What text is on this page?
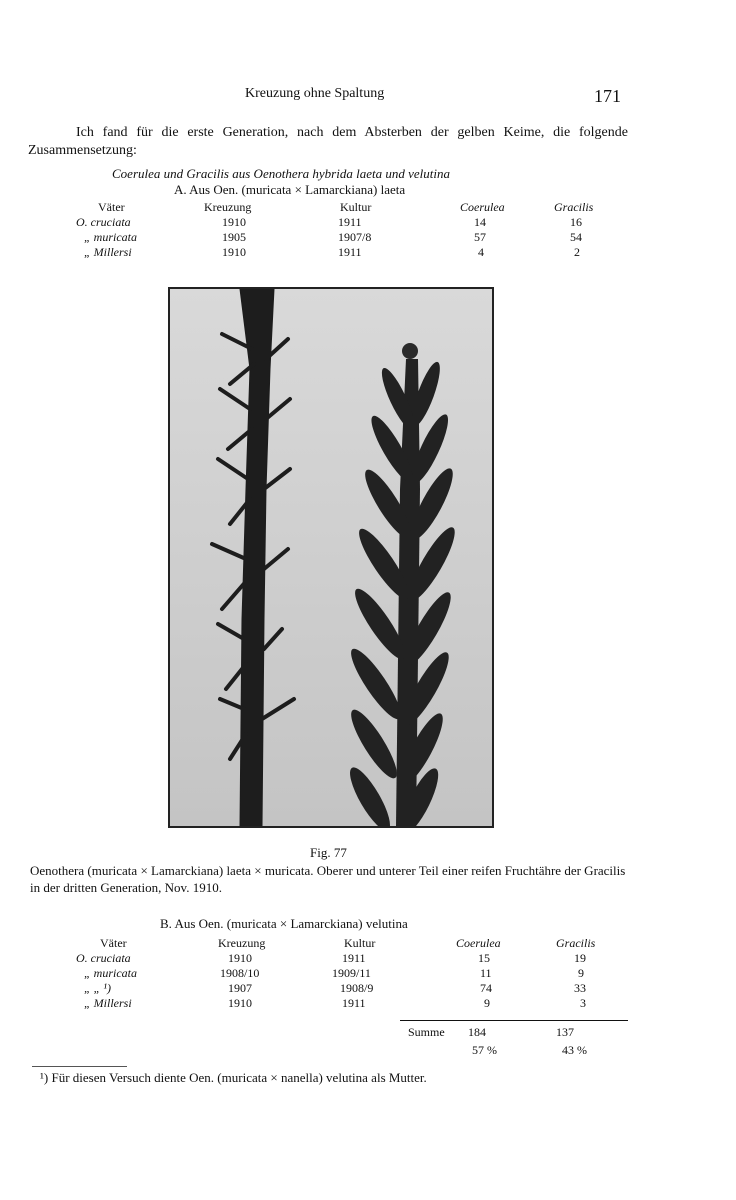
Kreuzung ohne Spaltung	171
Ich fand für die erste Generation, nach dem Absterben der gelben Keime, die folgende Zusammensetzung:
Coerulea und Gracilis aus Oenothera hybrida laeta und velutina
A. Aus Oen. (muricata × Lamarckiana) laeta
Väter	Kreuzung	Kultur	Coerulea	Gracilis
O. cruciata	1910	1911	14	16
„ muricata	1905	1907/8	57	54
„ Millersi	1910	1911	4	2
Fig. 77
Oenothera (muricata × Lamarckiana) laeta × muricata. Oberer und unterer Teil einer reifen Fruchtähre der Gracilis in der dritten Generation, Nov. 1910.
B. Aus Oen. (muricata × Lamarckiana) velutina
Väter	Kreuzung	Kultur	Coerulea	Gracilis
O. cruciata	1910	1911	15	19
„ muricata	1908/10	1909/11	11	9
„ „ ¹)	1907	1908/9	74	33
„ Millersi	1910	1911	9	3
Summe 184	137
57 %	43 %
¹) Für diesen Versuch diente Oen. (muricata × nanella) velutina als Mutter.
